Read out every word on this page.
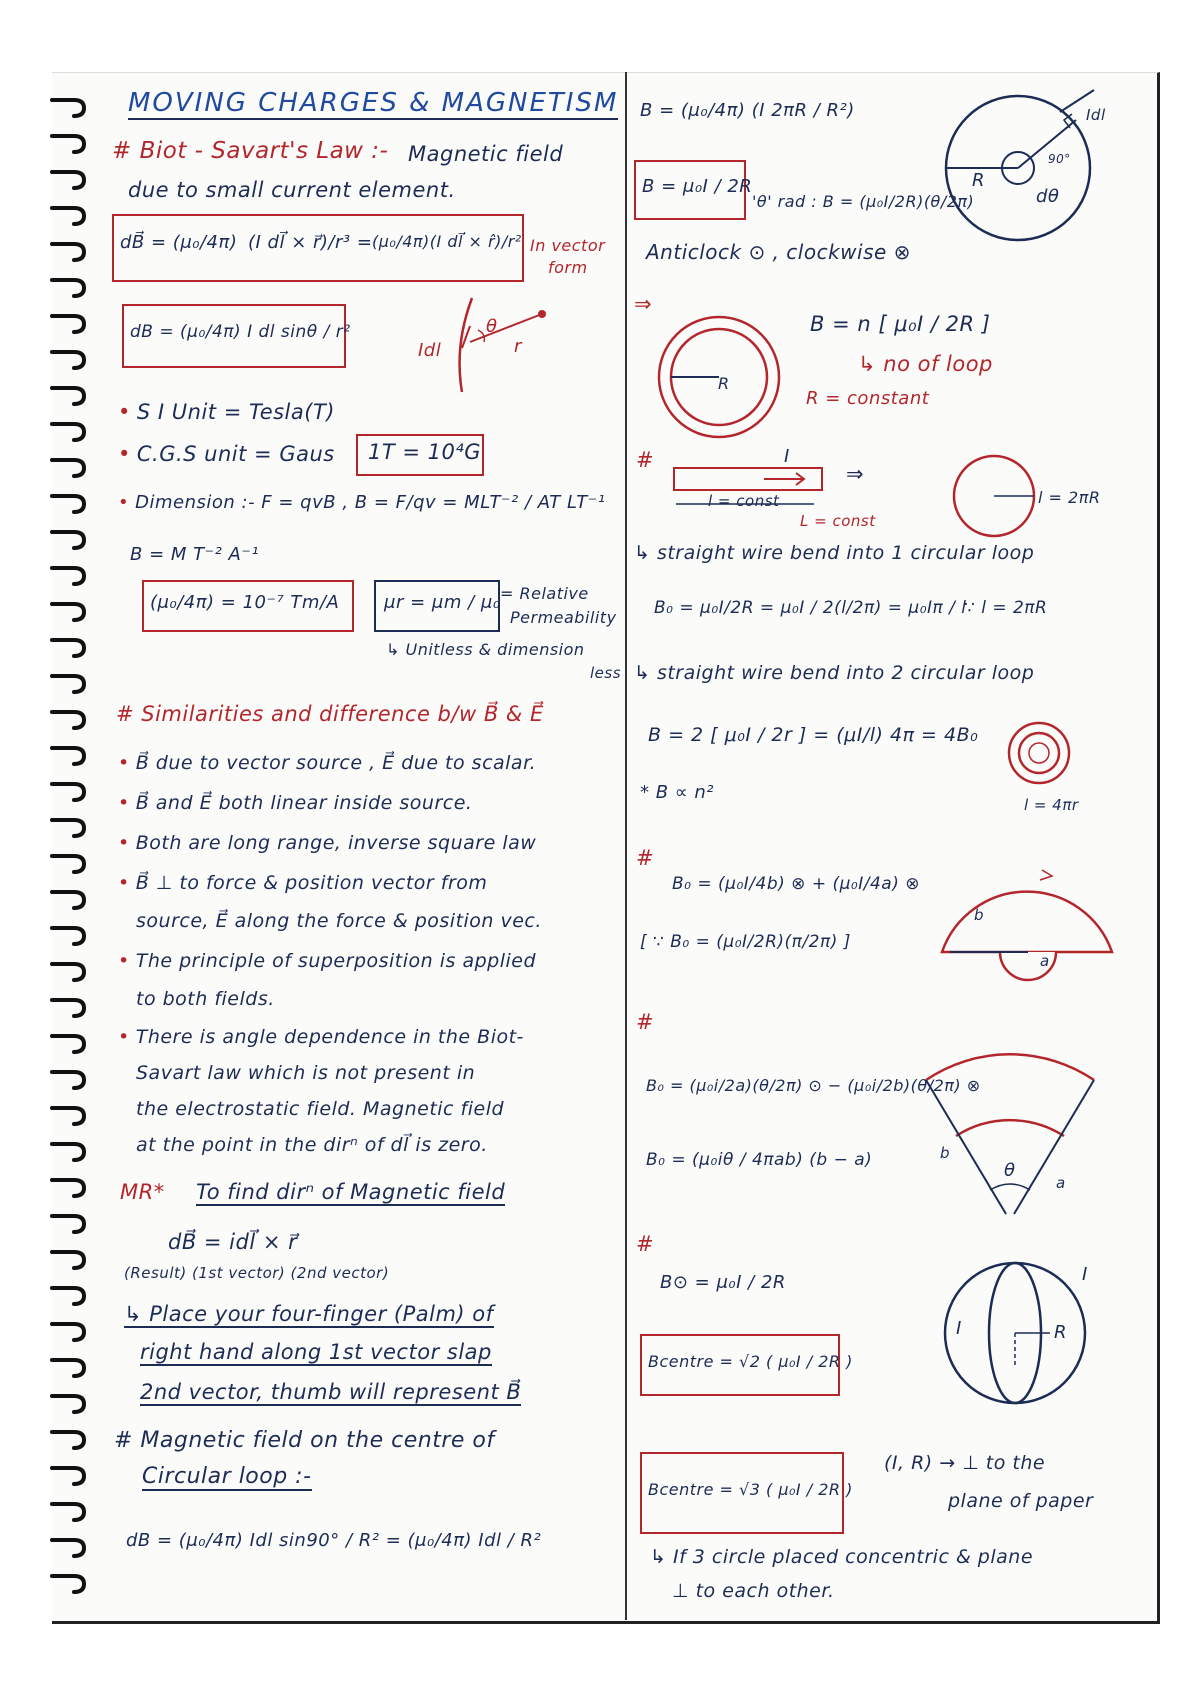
MOVING CHARGES & MAGNETISM
# Biot - Savart's Law :- Magnetic field
due to small current element.
dB⃗ = (μ₀/4π) (I dl⃗ × r⃗)/r³ = (μ₀/4π)(I dl⃗ × r̂)/r² In vector
form
dB = (μ₀/4π) I dl sinθ / r²
Idl
θ
r
• S I Unit = Tesla(T)
• C.G.S unit = Gaus 1T = 10⁴G
• Dimension :- F = qvB , B = F/qv = MLT⁻² / AT LT⁻¹
B = M T⁻² A⁻¹
(μ₀/4π) = 10⁻⁷ Tm/A μr = μm / μ₀ = Relative
Permeability
↳ Unitless & dimension
less
# Similarities and difference b/w B⃗ & E⃗
• B⃗ due to vector source , E⃗ due to scalar.
• B⃗ and E⃗ both linear inside source.
• Both are long range, inverse square law
• B⃗ ⊥ to force & position vector from
source, E⃗ along the force & position vec.
• The principle of superposition is applied
to both fields.
• There is angle dependence in the Biot-
Savart law which is not present in
the electrostatic field. Magnetic field
at the point in the dirⁿ of dl⃗ is zero.
MR* To find dirⁿ of Magnetic field
dB⃗ = idl⃗ × r⃗
(Result) (1st vector) (2nd vector)
↳ Place your four-finger (Palm) of
right hand along 1st vector slap
2nd vector, thumb will represent B⃗
# Magnetic field on the centre of
Circular loop :-
dB = (μ₀/4π) Idl sin90° / R² = (μ₀/4π) Idl / R²
B = (μ₀/4π) (I 2πR / R²)
B = μ₀I / 2R
'θ' rad : B = (μ₀I/2R)(θ/2π)
Anticlock ⊙ , clockwise ⊗
R
dθ
Idl
90°
⇒
R
B = n [ μ₀I / 2R ]
↳ no of loop
R = constant
#	I
⇒
l = const
L = const
l = 2πR
↳ straight wire bend into 1 circular loop
B₀ = μ₀I/2R = μ₀I / 2(l/2π) = μ₀Iπ / l
∵ l = 2πR
↳ straight wire bend into 2 circular loop
B = 2 [ μ₀I / 2r ] = (μI/l) 4π = 4B₀
* B ∝ n²
l = 4πr
#
B₀ = (μ₀I/4b) ⊗ + (μ₀I/4a) ⊗
[ ∵ B₀ = (μ₀I/2R)(π/2π) ]
b
a
#
B₀ = (μ₀i/2a)(θ/2π) ⊙ − (μ₀i/2b)(θ/2π) ⊗
B₀ = (μ₀iθ / 4πab) (b − a)	θ
a
b
#
B⊙ = μ₀I / 2R
Bcentre = √2 ( μ₀I / 2R )
I
I
R
Bcentre = √3 ( μ₀I / 2R )
(I, R) → ⊥ to the
plane of paper
↳ If 3 circle placed concentric & plane
⊥ to each other.
